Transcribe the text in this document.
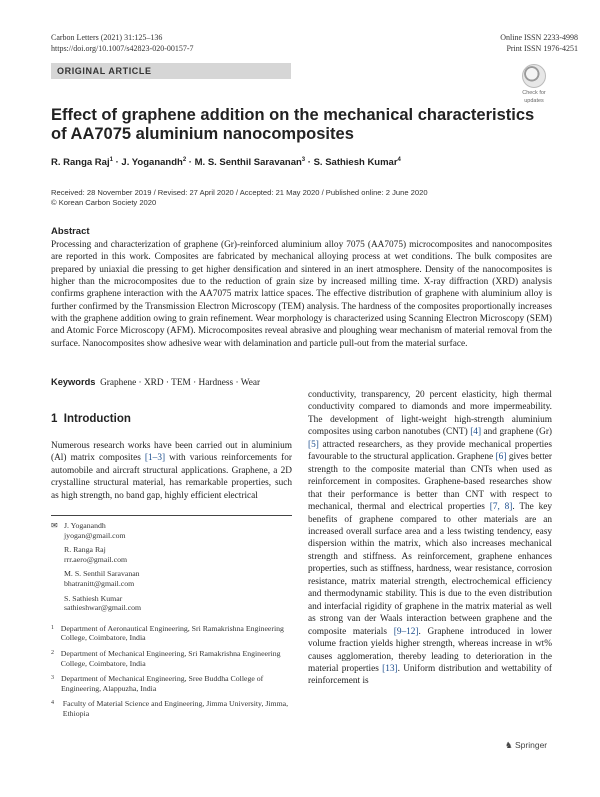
Carbon Letters (2021) 31:125–136
https://doi.org/10.1007/s42823-020-00157-7
Online ISSN 2233-4998
Print ISSN 1976-4251
ORIGINAL ARTICLE
Check for
updates
Effect of graphene addition on the mechanical characteristics
of AA7075 aluminium nanocomposites
R. Ranga Raj$^1$ · J. Yoganandh$^2$ · M. S. Senthil Saravanan$^3$ · S. Sathiesh Kumar$^4$
Received: 28 November 2019 / Revised: 27 April 2020 / Accepted: 21 May 2020 / Published online: 2 June 2020
© Korean Carbon Society 2020
Abstract
Processing and characterization of graphene (Gr)-reinforced aluminium alloy 7075 (AA7075) microcomposites and nanocomposites are reported in this work. Composites are fabricated by mechanical alloying process at wet conditions. The bulk composites are prepared by uniaxial die pressing to get higher densification and sintered in an inert atmosphere. Density of the nanocomposites is higher than the microcomposites due to the reduction of grain size by increased milling time. X-ray diffraction (XRD) analysis confirms graphene interaction with the AA7075 matrix lattice spaces. The effective distribution of graphene with aluminium alloy is further confirmed by the Transmission Electron Microscopy (TEM) analysis. The hardness of the composites proportionally increases with the graphene addition owing to grain refinement. Wear morphology is characterized using Scanning Electron Microscopy (SEM) and Atomic Force Microscopy (AFM). Microcomposites reveal abrasive and ploughing wear mechanism of material removal from the surface. Nanocomposites show adhesive wear with delamination and particle pull-out from the material surface.
Keywords Graphene · XRD · TEM · Hardness · Wear
1 Introduction
Numerous research works have been carried out in aluminium (Al) matrix composites [1–3] with various reinforcements for automobile and aircraft structural applications. Graphene, a 2D crystalline structural material, has remarkable properties, such as high strength, no band gap, highly efficient electrical
✉ J. Yoganandh
jyogan@gmail.com
R. Ranga Raj
rrr.aero@gmail.com
M. S. Senthil Saravanan
bhatranitt@gmail.com
S. Sathiesh Kumar
sathieshwar@gmail.com
1 Department of Aeronautical Engineering, Sri Ramakrishna Engineering College, Coimbatore, India
2 Department of Mechanical Engineering, Sri Ramakrishna Engineering College, Coimbatore, India
3 Department of Mechanical Engineering, Sree Buddha College of Engineering, Alappuzha, India
4	Faculty of Material Science and Engineering, Jimma University, Jimma, Ethiopia
conductivity, transparency, 20 percent elasticity, high thermal conductivity compared to diamonds and more impermeability. The development of light-weight high-strength aluminium composites using carbon nanotubes (CNT) [4] and graphene (Gr) [5] attracted researchers, as they provide mechanical properties favourable to the structural application. Graphene [6] gives better strength to the composite material than CNTs when used as reinforcement in composites. Graphene-based researches show that their performance is better than CNT with respect to mechanical, thermal and electrical properties [7, 8]. The key benefits of graphene compared to other materials are an increased overall surface area and a less twisting tendency, easy dispersion within the matrix, which also increases mechanical strength and stiffness. As reinforcement, graphene enhances properties, such as stiffness, hardness, wear resistance, corrosion resistance, matrix material strength, electrochemical efficiency and thermodynamic stability. This is due to the even distribution and interfacial rigidity of graphene in the matrix material as well as strong van der Waals interaction between graphene and the composite materials [9–12]. Graphene introduced in lower volume fraction yields higher strength, whereas increase in wt% causes agglomeration, thereby leading to deterioration in the material properties [13]. Uniform distribution and wettability of reinforcement is
♞ Springer
